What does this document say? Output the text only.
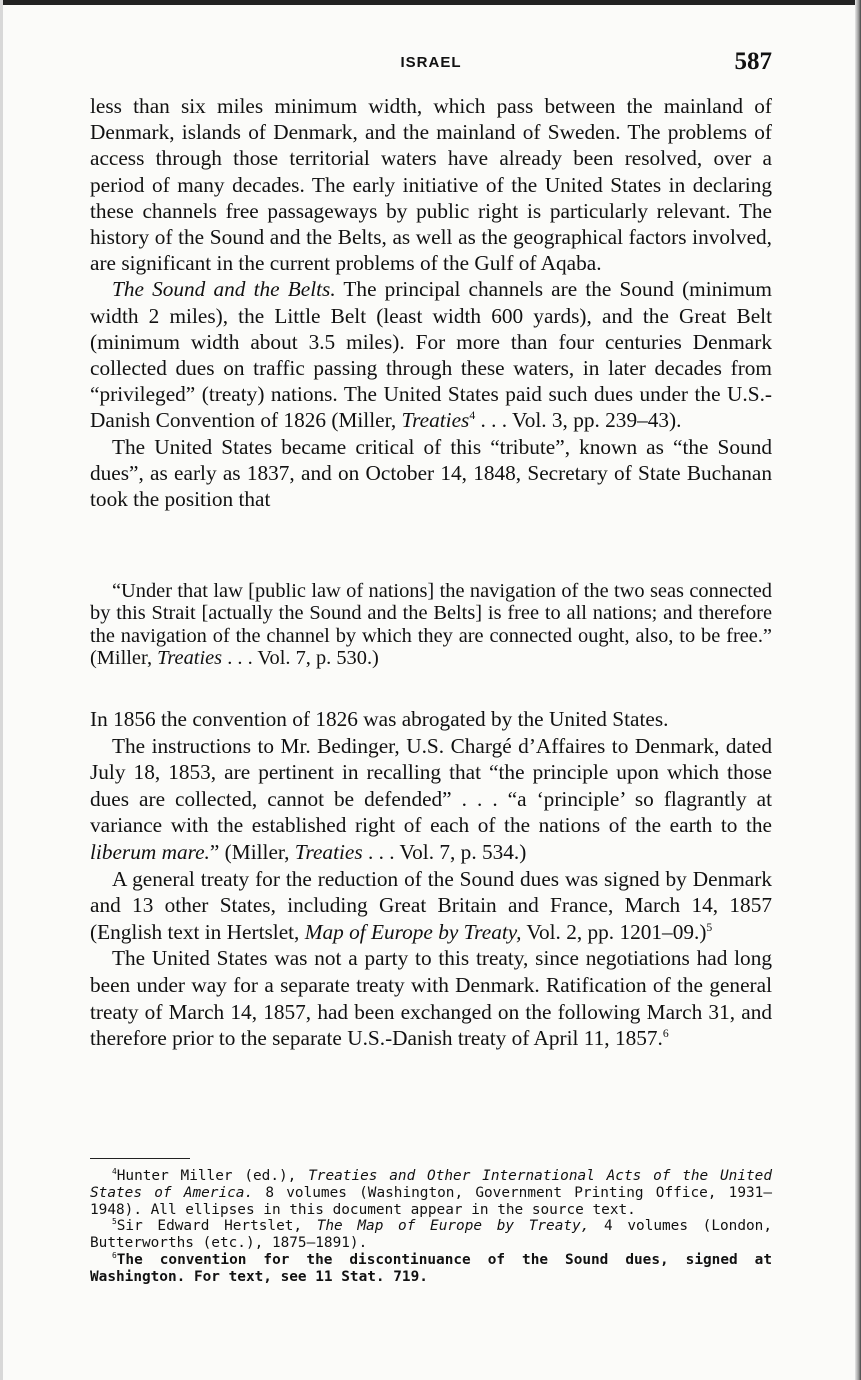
ISRAEL	587

less than six miles minimum width, which pass between the mainland of Denmark, islands of Denmark, and the mainland of Sweden. The problems of access through those territorial waters have already been resolved, over a period of many decades. The early initiative of the United States in declaring these channels free passageways by public right is particularly relevant. The history of the Sound and the Belts, as well as the geographical factors involved, are significant in the current problems of the Gulf of Aqaba.

The Sound and the Belts. The principal channels are the Sound (minimum width 2 miles), the Little Belt (least width 600 yards), and the Great Belt (minimum width about 3.5 miles). For more than four centuries Denmark collected dues on traffic passing through these waters, in later decades from “privileged” (treaty) nations. The United States paid such dues under the U.S.-Danish Convention of 1826 (Miller, Treaties$^4$ . . . Vol. 3, pp. 239–43).

The United States became critical of this “tribute”, known as “the Sound dues”, as early as 1837, and on October 14, 1848, Secretary of State Buchanan took the position that

“Under that law [public law of nations] the navigation of the two seas connected by this Strait [actually the Sound and the Belts] is free to all nations; and therefore the navigation of the channel by which they are connected ought, also, to be free.” (Miller, Treaties . . . Vol. 7, p. 530.)

In 1856 the convention of 1826 was abrogated by the United States.

The instructions to Mr. Bedinger, U.S. Chargé d’Affaires to Denmark, dated July 18, 1853, are pertinent in recalling that “the principle upon which those dues are collected, cannot be defended” . . . “a ‘principle’ so flagrantly at variance with the established right of each of the nations of the earth to the liberum mare.” (Miller, Treaties . . . Vol. 7, p. 534.)

A general treaty for the reduction of the Sound dues was signed by Denmark and 13 other States, including Great Britain and France, March 14, 1857 (English text in Hertslet, Map of Europe by Treaty, Vol. 2, pp. 1201–09.)$^5$

The United States was not a party to this treaty, since negotiations had long been under way for a separate treaty with Denmark. Ratification of the general treaty of March 14, 1857, had been exchanged on the following March 31, and therefore prior to the separate U.S.-Danish treaty of April 11, 1857.$^6$

$^4$Hunter Miller (ed.), Treaties and Other International Acts of the United States of America. 8 volumes (Washington, Government Printing Office, 1931–1948). All ellipses in this document appear in the source text.

$^5$Sir Edward Hertslet, The Map of Europe by Treaty, 4 volumes (London, Butterworths (etc.), 1875–1891).

$^6$The convention for the discontinuance of the Sound dues, signed at Washington. For text, see 11 Stat. 719.
